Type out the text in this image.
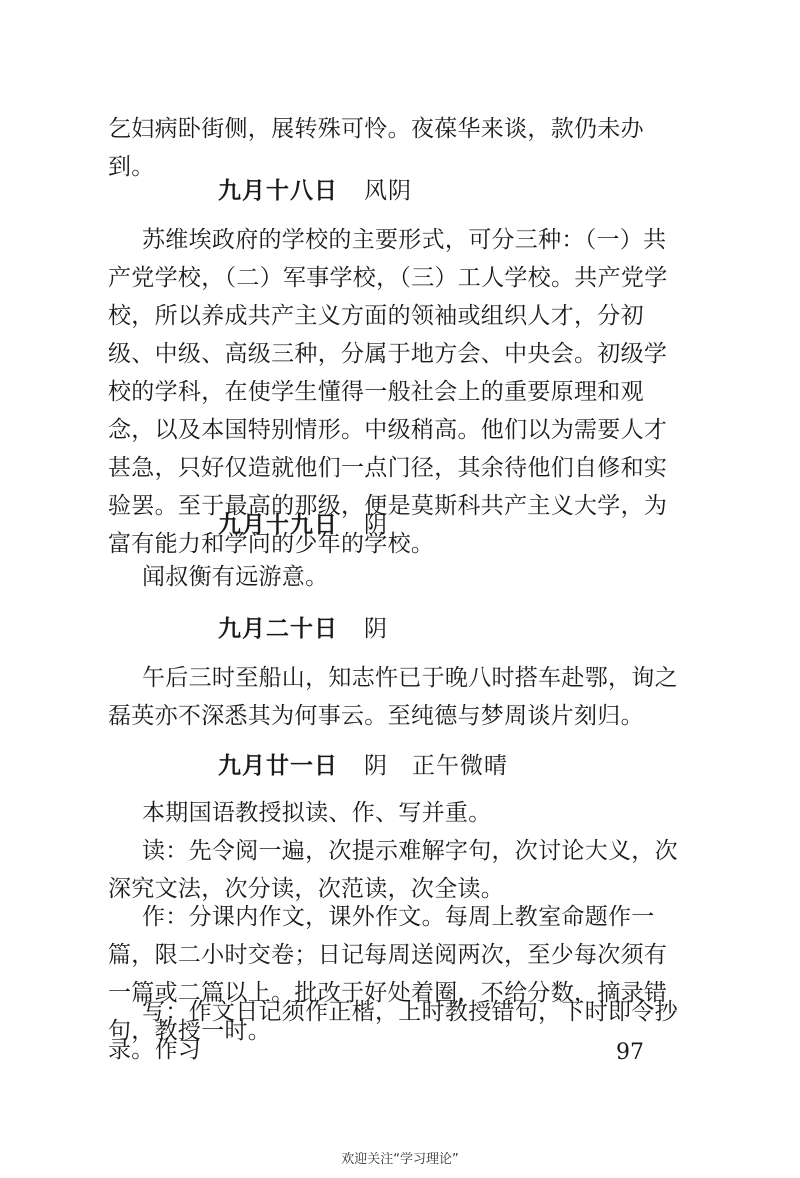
乞妇病卧街侧，展转殊可怜。夜葆华来谈，款仍未办到。

九月十八日 风阴

苏维埃政府的学校的主要形式，可分三种：（一）共产党学校，（二）军事学校，（三）工人学校。共产党学校，所以养成共产主义方面的领袖或组织人才，分初级、中级、高级三种，分属于地方会、中央会。初级学校的学科，在使学生懂得一般社会上的重要原理和观念，以及本国特别情形。中级稍高。他们以为需要人才甚急，只好仅造就他们一点门径，其余待他们自修和实验罢。至于最高的那级，便是莫斯科共产主义大学，为富有能力和学问的少年的学校。

九月十九日 阴

闻叔衡有远游意。

九月二十日 阴

午后三时至船山，知志忤已于晚八时搭车赴鄂，询之磊英亦不深悉其为何事云。至纯德与梦周谈片刻归。

九月廿一日 阴　正午微晴

本期国语教授拟读、作、写并重。

读：先令阅一遍，次提示难解字句，次讨论大义，次深究文法，次分读，次范读，次全读。

作：分课内作文，课外作文。每周上教室命题作一篇，限二小时交卷；日记每周送阅两次，至少每次须有一篇或二篇以上。批改于好处着圈，不给分数，摘录错句，教授一时。

写：作文日记须作正楷，上时教授错句，下时即令抄录。作习	97

欢迎关注“学习理论”
